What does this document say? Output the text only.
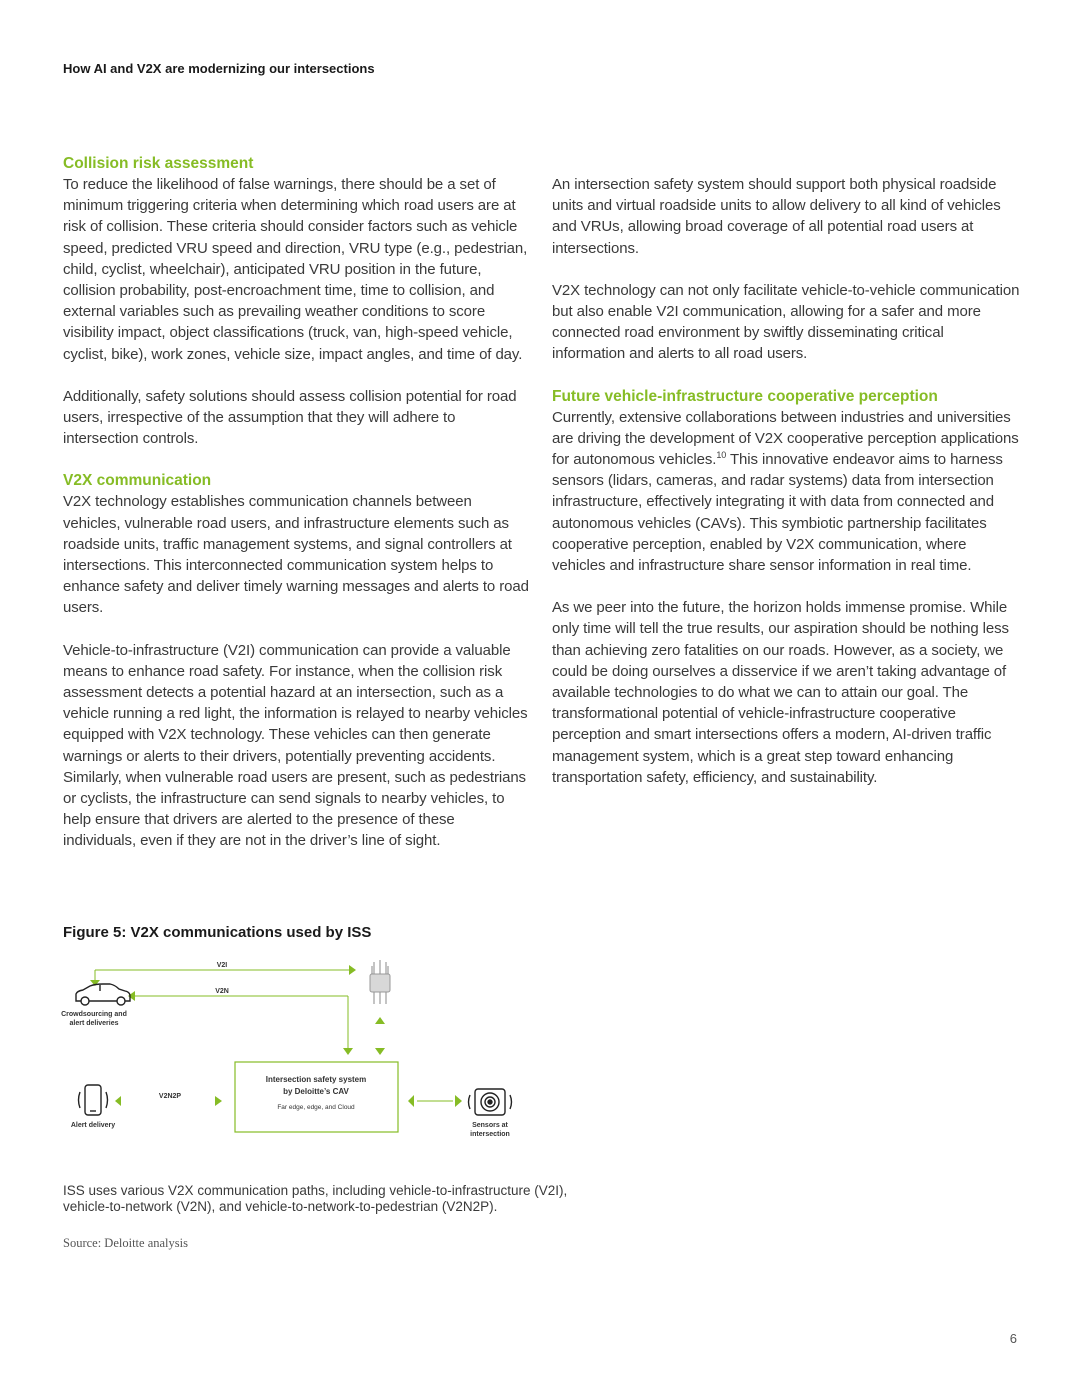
How AI and V2X are modernizing our intersections

Collision risk assessment

To reduce the likelihood of false warnings, there should be a set of minimum triggering criteria when determining which road users are at risk of collision. These criteria should consider factors such as vehicle speed, predicted VRU speed and direction, VRU type (e.g., pedestrian, child, cyclist, wheelchair), anticipated VRU position in the future, collision probability, post-encroachment time, time to collision, and external variables such as prevailing weather conditions to score visibility impact, object classifications (truck, van, high-speed vehicle, cyclist, bike), work zones, vehicle size, impact angles, and time of day.

Additionally, safety solutions should assess collision potential for road users, irrespective of the assumption that they will adhere to intersection controls.

V2X communication

V2X technology establishes communication channels between vehicles, vulnerable road users, and infrastructure elements such as roadside units, traffic management systems, and signal controllers at intersections. This interconnected communication system helps to enhance safety and deliver timely warning messages and alerts to road users.

Vehicle-to-infrastructure (V2I) communication can provide a valuable means to enhance road safety. For instance, when the collision risk assessment detects a potential hazard at an intersection, such as a vehicle running a red light, the information is relayed to nearby vehicles equipped with V2X technology. These vehicles can then generate warnings or alerts to their drivers, potentially preventing accidents. Similarly, when vulnerable road users are present, such as pedestrians or cyclists, the infrastructure can send signals to nearby vehicles, to help ensure that drivers are alerted to the presence of these individuals, even if they are not in the driver’s line of sight.

An intersection safety system should support both physical roadside units and virtual roadside units to allow delivery to all kind of vehicles and VRUs, allowing broad coverage of all potential road users at intersections.

V2X technology can not only facilitate vehicle-to-vehicle communication but also enable V2I communication, allowing for a safer and more connected road environment by swiftly disseminating critical information and alerts to all road users.

Future vehicle-infrastructure cooperative perception

Currently, extensive collaborations between industries and universities are driving the development of V2X cooperative perception applications for autonomous vehicles.$^{10}$ This innovative endeavor aims to harness sensors (lidars, cameras, and radar systems) data from intersection infrastructure, effectively integrating it with data from connected and autonomous vehicles (CAVs). This symbiotic partnership facilitates cooperative perception, enabled by V2X communication, where vehicles and infrastructure share sensor information in real time.

As we peer into the future, the horizon holds immense promise. While only time will tell the true results, our aspiration should be nothing less than achieving zero fatalities on our roads. However, as a society, we could be doing ourselves a disservice if we aren’t taking advantage of available technologies to do what we can to attain our goal. The transformational potential of vehicle-infrastructure cooperative perception and smart intersections offers a modern, AI-driven traffic management system, which is a great step toward enhancing transportation safety, efficiency, and sustainability.

Figure 5: V2X communications used by ISS
V2I
V2N
Crowdsourcing and
alert deliveries
Intersection safety system
by Deloitte’s CAV
Far edge, edge, and Cloud
Alert delivery
V2N2P
Sensors at
intersection
ISS uses various V2X communication paths, including vehicle-to-infrastructure (V2I),
vehicle-to-network (V2N), and vehicle-to-network-to-pedestrian (V2N2P).
Source: Deloitte analysis
6
